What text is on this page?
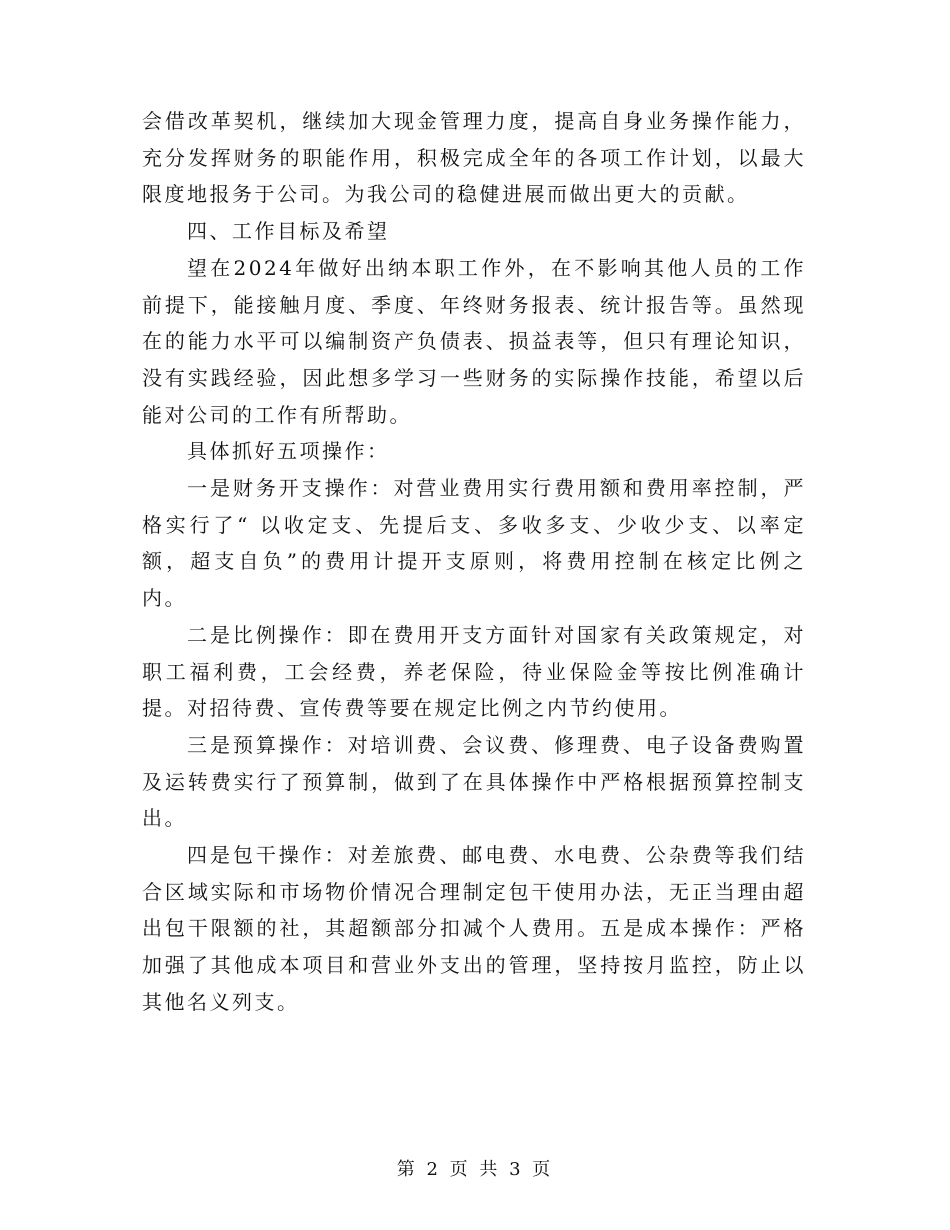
会借改革契机，继续加大现金管理力度，提高自身业务操作能力，充分发挥财务的职能作用，积极完成全年的各项工作计划，以最大限度地报务于公司。为我公司的稳健进展而做出更大的贡献。

四、工作目标及希望

望在2024年做好出纳本职工作外，在不影响其他人员的工作前提下，能接触月度、季度、年终财务报表、统计报告等。虽然现在的能力水平可以编制资产负债表、损益表等，但只有理论知识，没有实践经验，因此想多学习一些财务的实际操作技能，希望以后能对公司的工作有所帮助。

具体抓好五项操作：

一是财务开支操作：对营业费用实行费用额和费用率控制，严格实行了“ 以收定支、先提后支、多收多支、少收少支、以率定额，超支自负”的费用计提开支原则，将费用控制在核定比例之内。

二是比例操作：即在费用开支方面针对国家有关政策规定，对职工福利费，工会经费，养老保险，待业保险金等按比例准确计提。对招待费、宣传费等要在规定比例之内节约使用。

三是预算操作：对培训费、会议费、修理费、电子设备费购置及运转费实行了预算制，做到了在具体操作中严格根据预算控制支出。

四是包干操作：对差旅费、邮电费、水电费、公杂费等我们结合区域实际和市场物价情况合理制定包干使用办法，无正当理由超出包干限额的社，其超额部分扣减个人费用。五是成本操作：严格加强了其他成本项目和营业外支出的管理，坚持按月监控，防止以其他名义列支。

第 2 页 共 3 页
